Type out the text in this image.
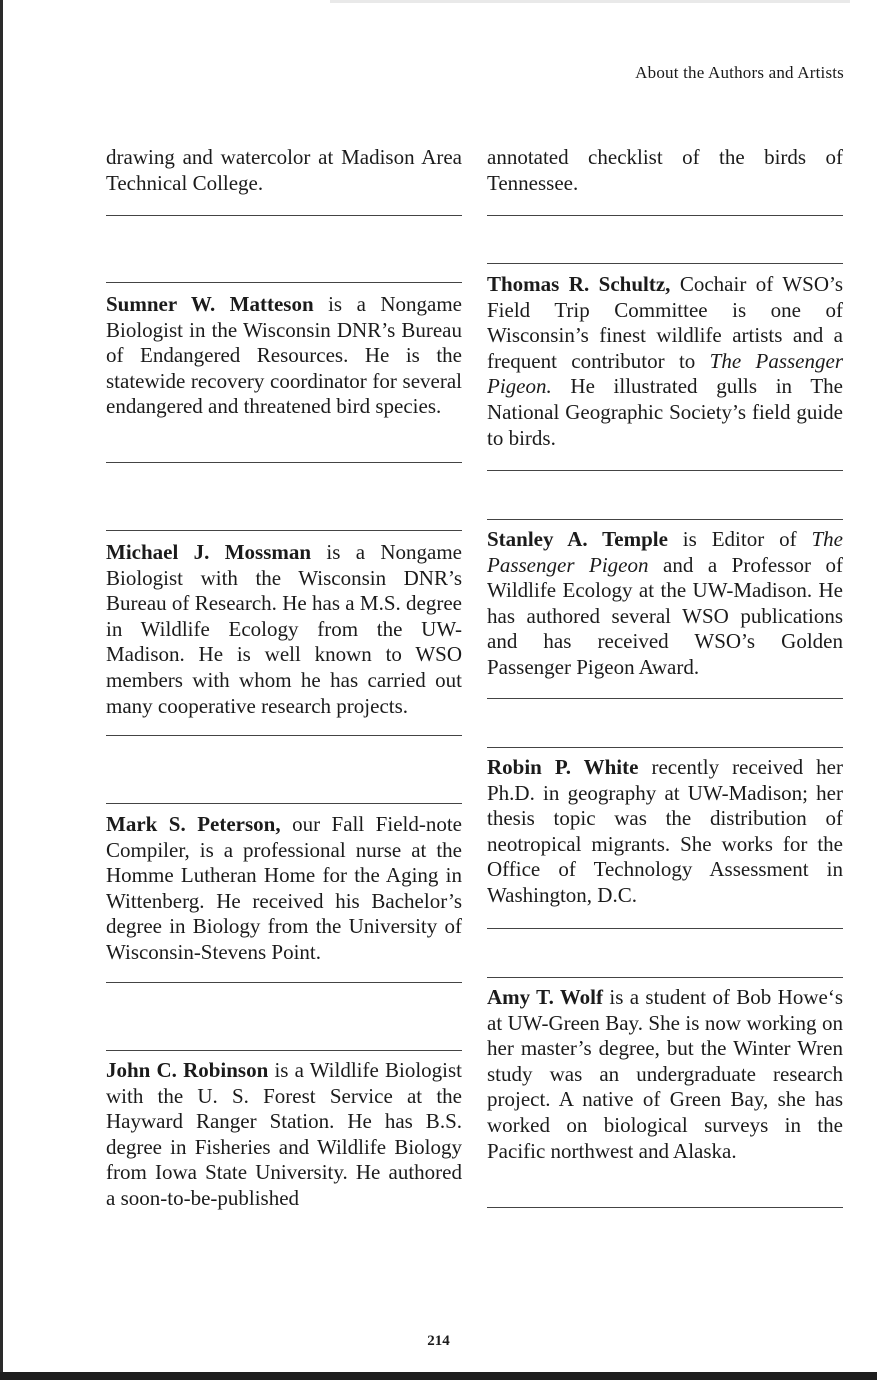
About the Authors and Artists

drawing and watercolor at Madison Area Technical College.

Sumner W. Matteson is a Nongame Biologist in the Wisconsin DNR’s Bureau of Endangered Resources. He is the statewide recovery coordinator for several endangered and threatened bird species.

Michael J. Mossman is a Nongame Biologist with the Wisconsin DNR’s Bureau of Research. He has a M.S. degree in Wildlife Ecology from the UW-Madison. He is well known to WSO members with whom he has carried out many cooperative research projects.

Mark S. Peterson, our Fall Field-note Compiler, is a professional nurse at the Homme Lutheran Home for the Aging in Wittenberg. He received his Bachelor’s degree in Biology from the University of Wisconsin-Stevens Point.

John C. Robinson is a Wildlife Biologist with the U. S. Forest Service at the Hayward Ranger Station. He has B.S. degree in Fisheries and Wildlife Biology from Iowa State University. He authored a soon-to-be-published

annotated checklist of the birds of Tennessee.

Thomas R. Schultz, Cochair of WSO’s Field Trip Committee is one of Wisconsin’s finest wildlife artists and a frequent contributor to The Passenger Pigeon. He illustrated gulls in The National Geographic Society’s field guide to birds.

Stanley A. Temple is Editor of The Passenger Pigeon and a Professor of Wildlife Ecology at the UW-Madison. He has authored several WSO publications and has received WSO’s Golden Passenger Pigeon Award.

Robin P. White recently received her Ph.D. in geography at UW-Madison; her thesis topic was the distribution of neotropical migrants. She works for the Office of Technology Assessment in Washington, D.C.

Amy T. Wolf is a student of Bob Howe‘s at UW-Green Bay. She is now working on her master’s degree, but the Winter Wren study was an undergraduate research project. A native of Green Bay, she has worked on biological surveys in the Pacific northwest and Alaska.

214
